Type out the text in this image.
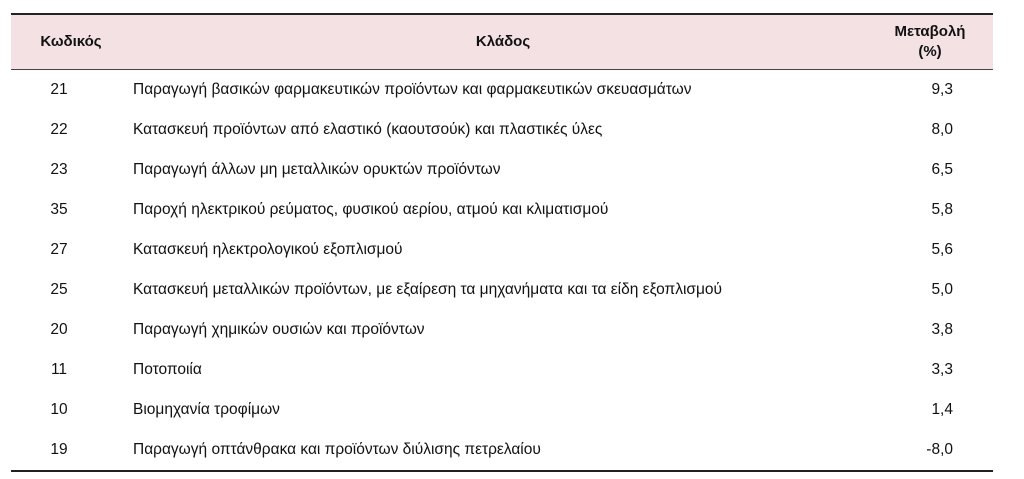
Κωδικός	Κλάδος	Μεταβολή
(%)

21	Παραγωγή βασικών φαρμακευτικών προϊόντων και φαρμακευτικών σκευασμάτων	9,3
22	Κατασκευή προϊόντων από ελαστικό (καουτσούκ) και πλαστικές ύλες	8,0
23	Παραγωγή άλλων μη μεταλλικών ορυκτών προϊόντων	6,5
35	Παροχή ηλεκτρικού ρεύματος, φυσικού αερίου, ατμού και κλιματισμού	5,8
27	Κατασκευή ηλεκτρολογικού εξοπλισμού	5,6
25	Κατασκευή μεταλλικών προϊόντων, με εξαίρεση τα μηχανήματα και τα είδη εξοπλισμού	5,0
20	Παραγωγή χημικών ουσιών και προϊόντων	3,8
11	Ποτοποιία	3,3
10	Βιομηχανία τροφίμων	1,4
19	Παραγωγή οπτάνθρακα και προϊόντων διύλισης πετρελαίου	-8,0
